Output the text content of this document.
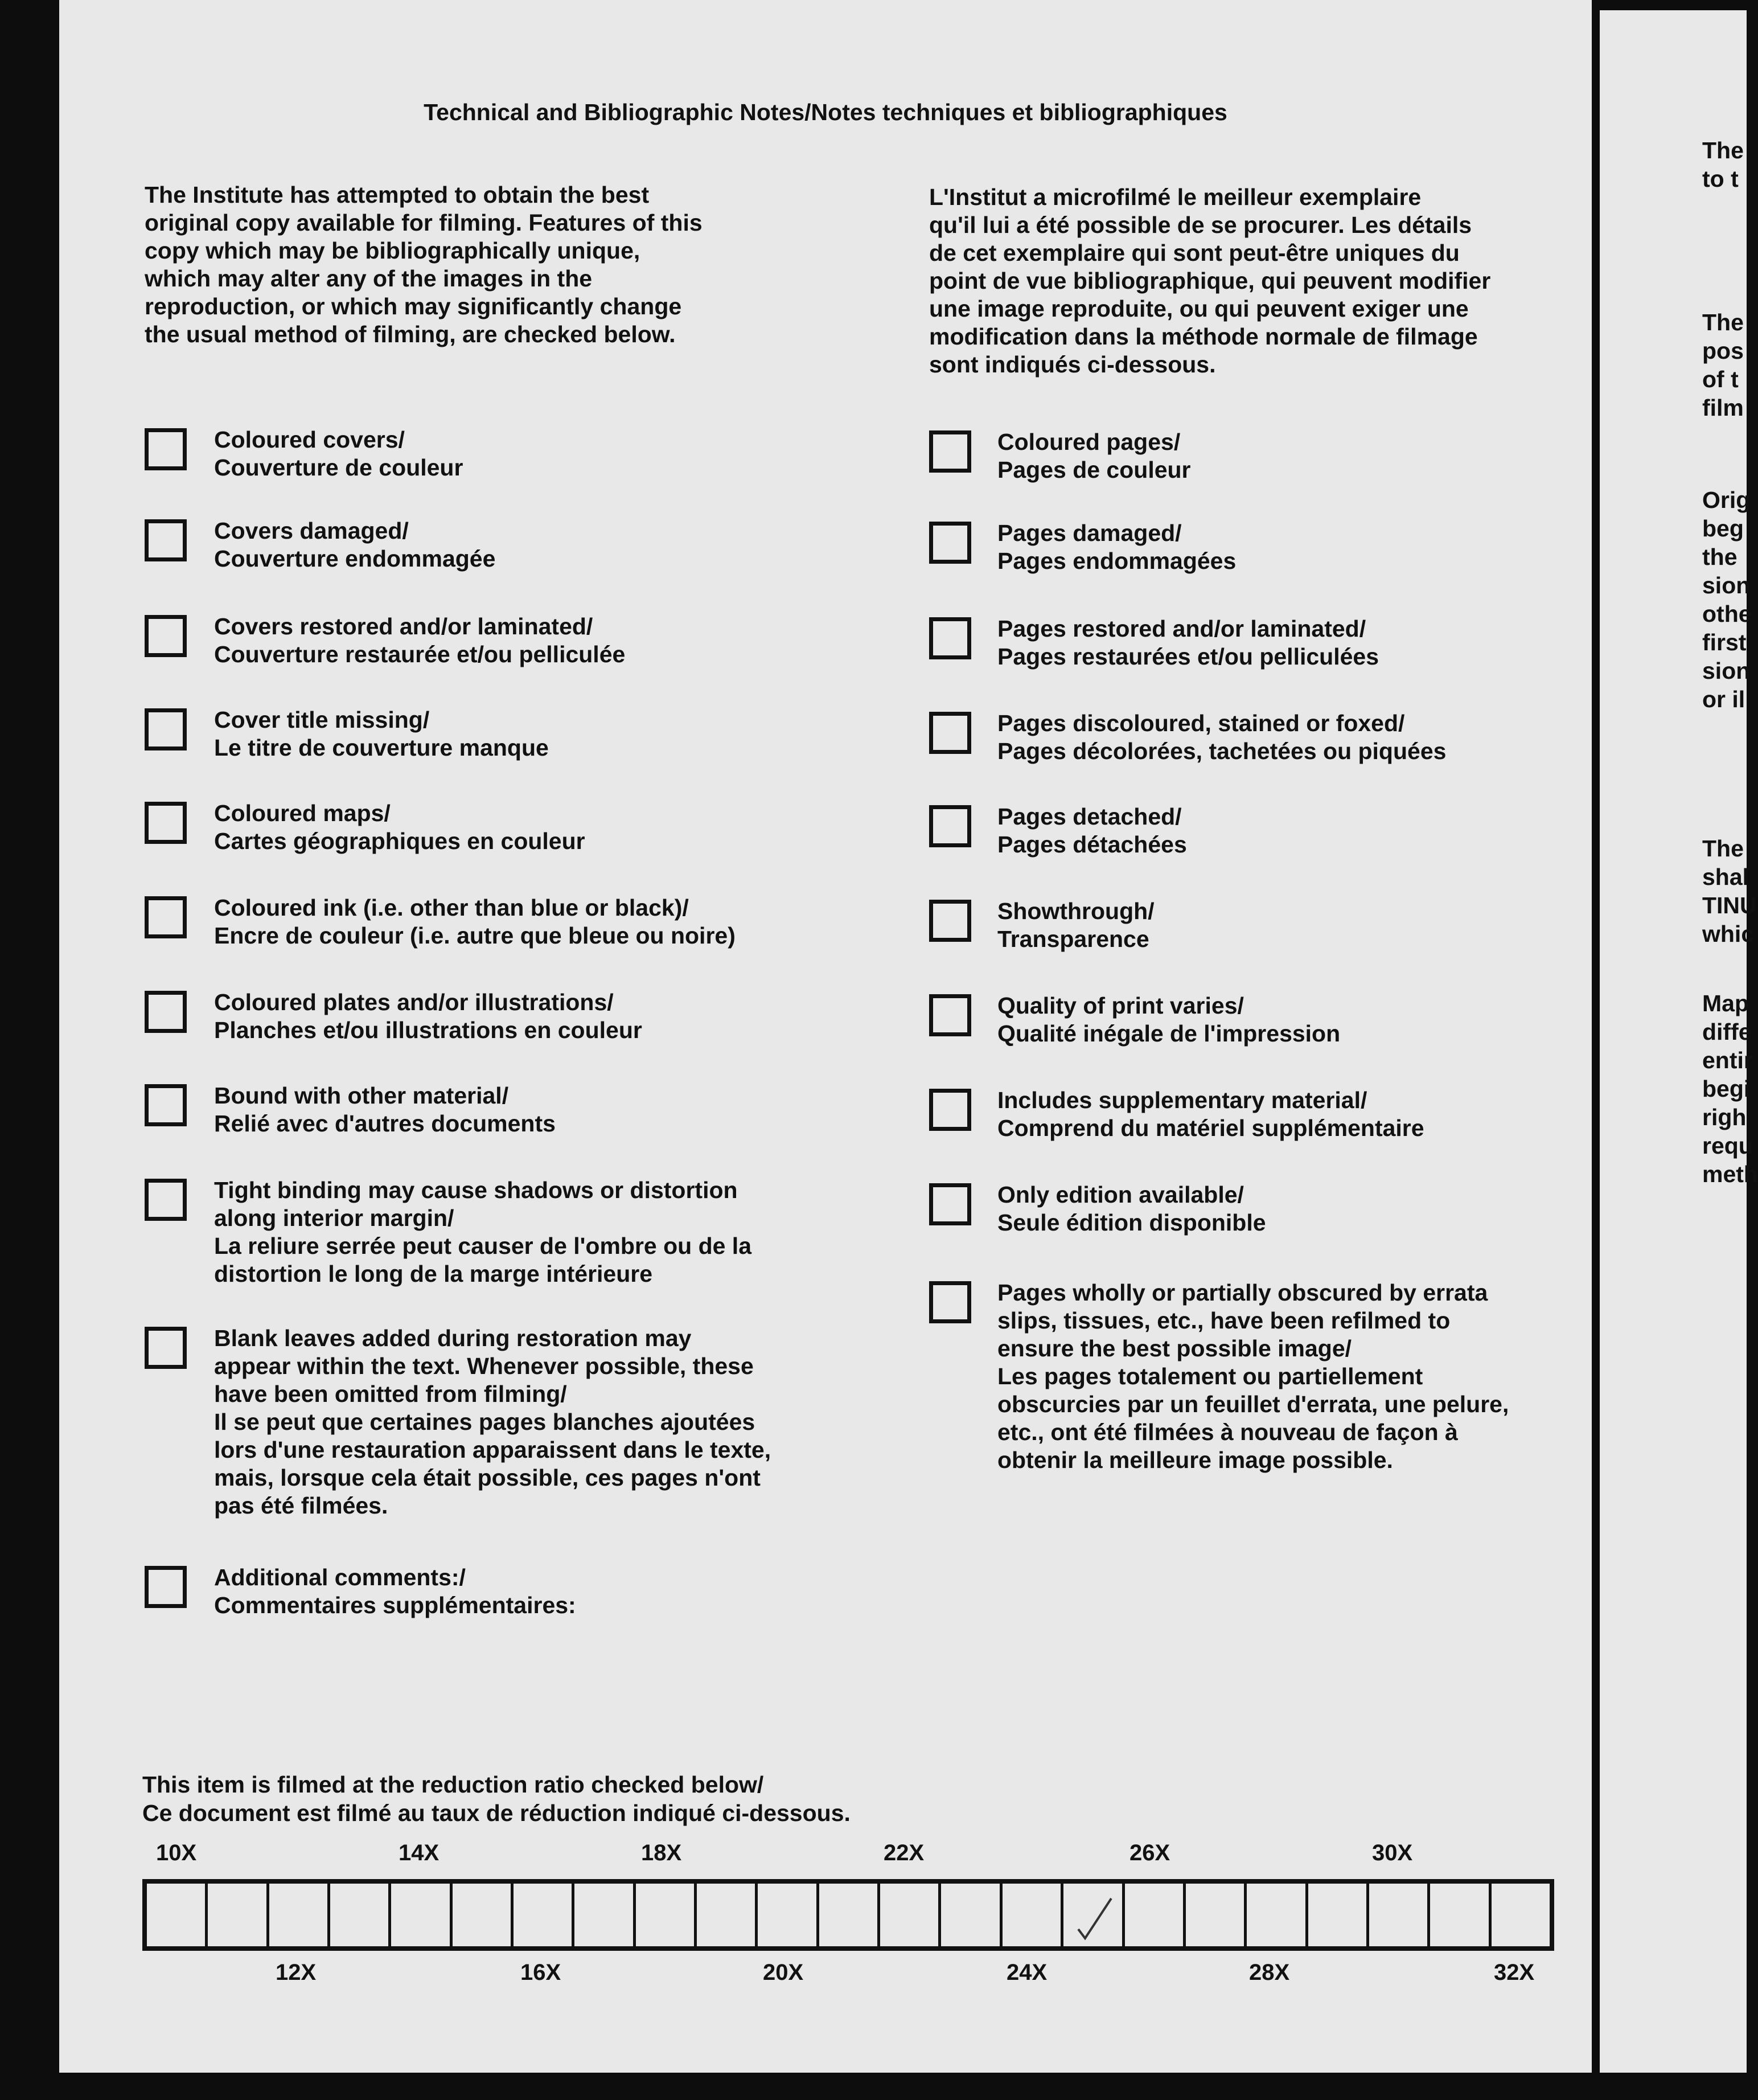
Technical and Bibliographic Notes/Notes techniques et bibliographiques
The Institute has attempted to obtain the best
original copy available for filming. Features of this
copy which may be bibliographically unique,
which may alter any of the images in the
reproduction, or which may significantly change
the usual method of filming, are checked below.
L'Institut a microfilmé le meilleur exemplaire
qu'il lui a été possible de se procurer. Les détails
de cet exemplaire qui sont peut-être uniques du
point de vue bibliographique, qui peuvent modifier
une image reproduite, ou qui peuvent exiger une
modification dans la méthode normale de filmage
sont indiqués ci-dessous.
Coloured covers/
Couverture de couleur
Covers damaged/
Couverture endommagée
Covers restored and/or laminated/
Couverture restaurée et/ou pelliculée
Cover title missing/
Le titre de couverture manque
Coloured maps/
Cartes géographiques en couleur
Coloured ink (i.e. other than blue or black)/
Encre de couleur (i.e. autre que bleue ou noire)
Coloured plates and/or illustrations/
Planches et/ou illustrations en couleur
Bound with other material/
Relié avec d'autres documents
Tight binding may cause shadows or distortion
along interior margin/
La reliure serrée peut causer de l'ombre ou de la
distortion le long de la marge intérieure
Blank leaves added during restoration may
appear within the text. Whenever possible, these
have been omitted from filming/
Il se peut que certaines pages blanches ajoutées
lors d'une restauration apparaissent dans le texte,
mais, lorsque cela était possible, ces pages n'ont
pas été filmées.
Additional comments:/
Commentaires supplémentaires:
Coloured pages/
Pages de couleur
Pages damaged/
Pages endommagées
Pages restored and/or laminated/
Pages restaurées et/ou pelliculées
Pages discoloured, stained or foxed/
Pages décolorées, tachetées ou piquées
Pages detached/
Pages détachées
Showthrough/
Transparence
Quality of print varies/
Qualité inégale de l'impression
Includes supplementary material/
Comprend du matériel supplémentaire
Only edition available/
Seule édition disponible
Pages wholly or partially obscured by errata
slips, tissues, etc., have been refilmed to
ensure the best possible image/
Les pages totalement ou partiellement
obscurcies par un feuillet d'errata, une pelure,
etc., ont été filmées à nouveau de façon à
obtenir la meilleure image possible.
This item is filmed at the reduction ratio checked below/
Ce document est filmé au taux de réduction indiqué ci-dessous.
10X	14X	18X	22X	26X	30X
12X	16X	20X	24X	28X	32X
The
to t
The
pos
of t
film
Orig
beg
the
sion
othe
first
sion
or il
The
shal
TINU
whic
Map
diffe
entir
begi
righ
requ
meth
